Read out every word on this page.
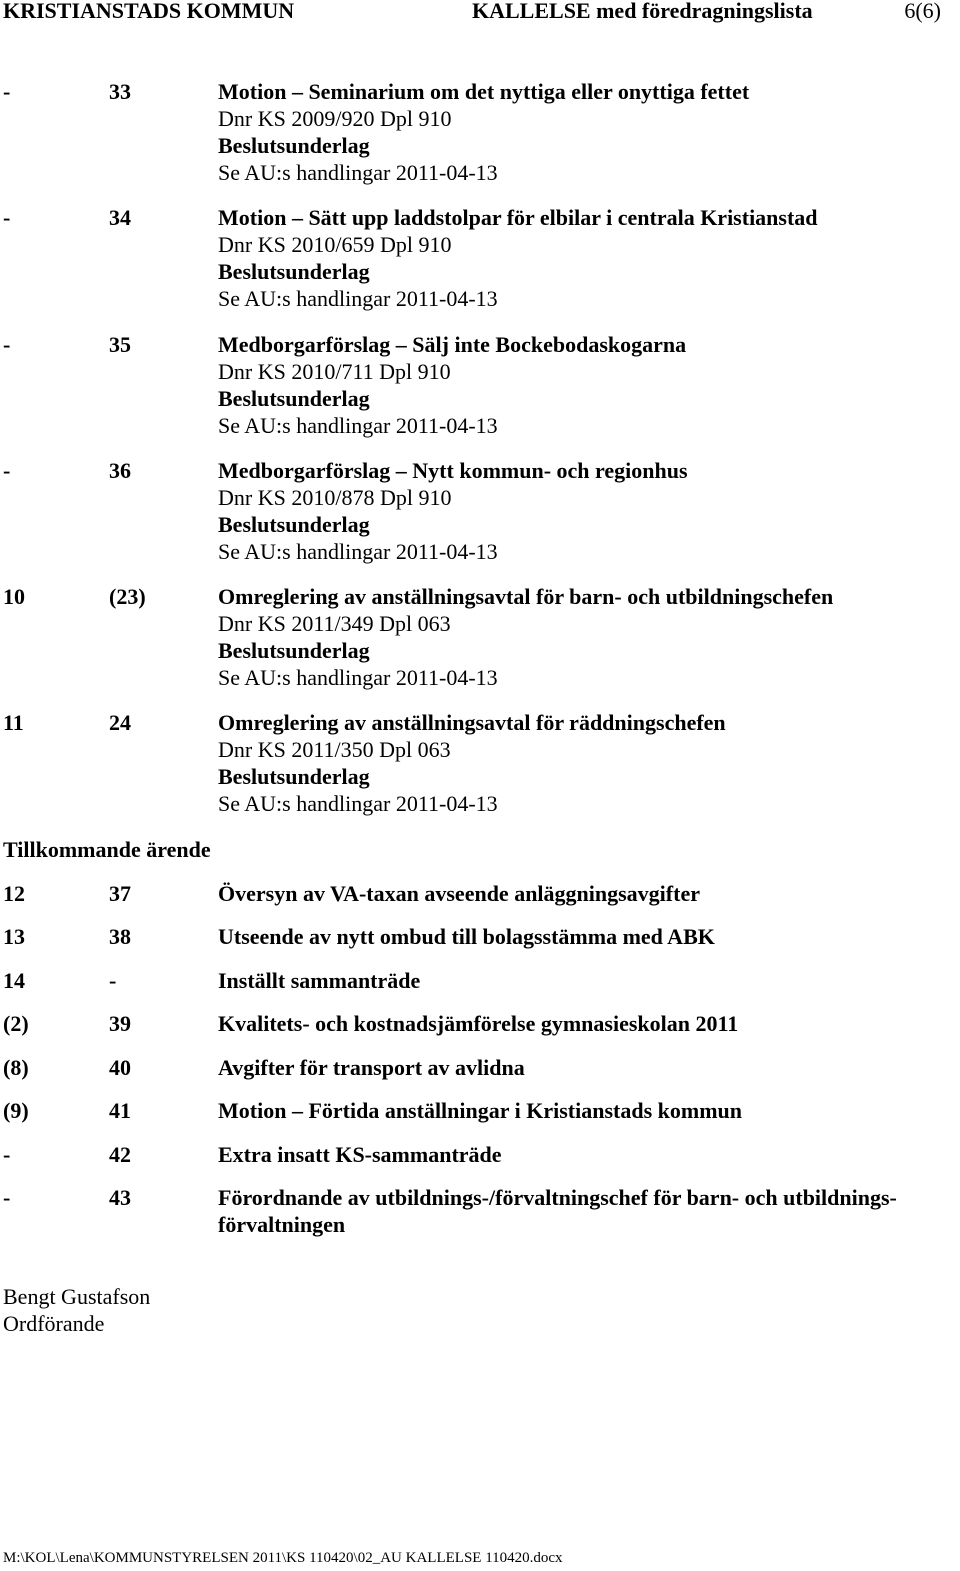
KRISTIANSTADS KOMMUN	KALLELSE med föredragningslista	6(6)
-	33	Motion – Seminarium om det nyttiga eller onyttiga fettet
Dnr KS 2009/920 Dpl 910
Beslutsunderlag
Se AU:s handlingar 2011-04-13
-	34	Motion – Sätt upp laddstolpar för elbilar i centrala Kristianstad
Dnr KS 2010/659 Dpl 910
Beslutsunderlag
Se AU:s handlingar 2011-04-13
-	35	Medborgarförslag – Sälj inte Bockebodaskogarna
Dnr KS 2010/711 Dpl 910
Beslutsunderlag
Se AU:s handlingar 2011-04-13
-	36	Medborgarförslag – Nytt kommun- och regionhus
Dnr KS 2010/878 Dpl 910
Beslutsunderlag
Se AU:s handlingar 2011-04-13
10	(23)	Omreglering av anställningsavtal för barn- och utbildningschefen
Dnr KS 2011/349 Dpl 063
Beslutsunderlag
Se AU:s handlingar 2011-04-13
11	24	Omreglering av anställningsavtal för räddningschefen
Dnr KS 2011/350 Dpl 063
Beslutsunderlag
Se AU:s handlingar 2011-04-13
Tillkommande ärende
12	37	Översyn av VA-taxan avseende anläggningsavgifter
13	38	Utseende av nytt ombud till bolagsstämma med ABK
14	-	Inställt sammanträde
(2)	39	Kvalitets- och kostnadsjämförelse gymnasieskolan 2011
(8)	40	Avgifter för transport av avlidna
(9)	41	Motion – Förtida anställningar i Kristianstads kommun
-	42	Extra insatt KS-sammanträde
-	43	Förordnande av utbildnings-/förvaltningschef för barn- och utbildnings-
förvaltningen
Bengt Gustafson
Ordförande
M:\KOL\Lena\KOMMUNSTYRELSEN 2011\KS 110420\02_AU KALLELSE 110420.docx
